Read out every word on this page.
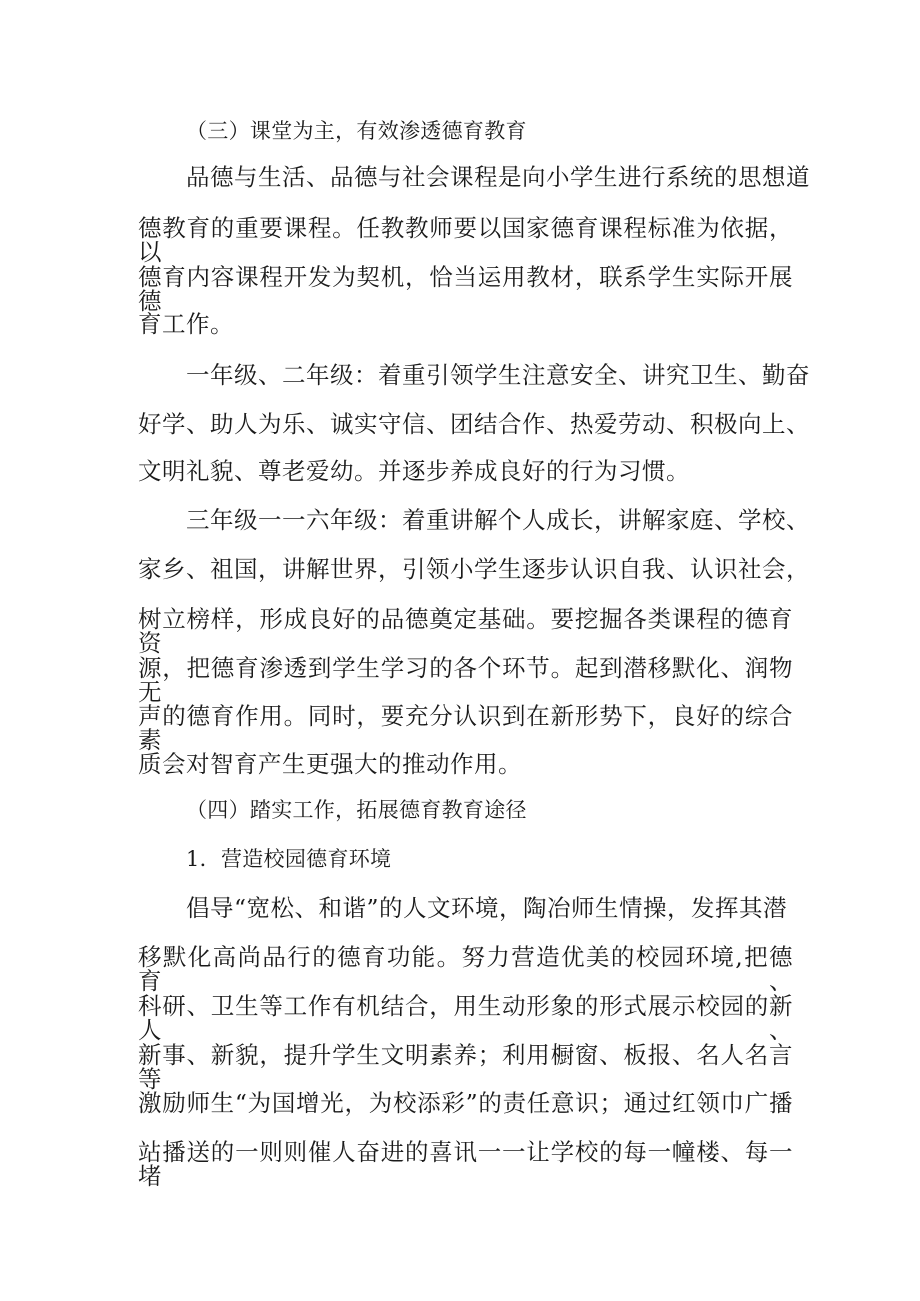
（三）课堂为主，有效渗透德育教育
品德与生活、品德与社会课程是向小学生进行系统的思想道
德教育的重要课程。任教教师要以国家德育课程标准为依据，以
德育内容课程开发为契机，恰当运用教材，联系学生实际开展德
育工作。
一年级、二年级：着重引领学生注意安全、讲究卫生、勤奋
好学、助人为乐、诚实守信、团结合作、热爱劳动、积极向上、
文明礼貌、尊老爱幼。并逐步养成良好的行为习惯。
三年级一一六年级：着重讲解个人成长，讲解家庭、学校、
家乡、祖国，讲解世界，引领小学生逐步认识自我、认识社会，
树立榜样，形成良好的品德奠定基础。要挖掘各类课程的德育资
源，把德育渗透到学生学习的各个环节。起到潜移默化、润物无
声的德育作用。同时，要充分认识到在新形势下，良好的综合素
质会对智育产生更强大的推动作用。
（四）踏实工作，拓展德育教育途径
1．营造校园德育环境
倡导“宽松、和谐”的人文环境，陶冶师生情操，发挥其潜
移默化高尚品行的德育功能。努力营造优美的校园环境,把德育、
科研、卫生等工作有机结合，用生动形象的形式展示校园的新人、
新事、新貌，提升学生文明素养；利用橱窗、板报、名人名言等
激励师生“为国增光，为校添彩”的责任意识；通过红领巾广播
站播送的一则则催人奋进的喜讯一一让学校的每一幢楼、每一堵
